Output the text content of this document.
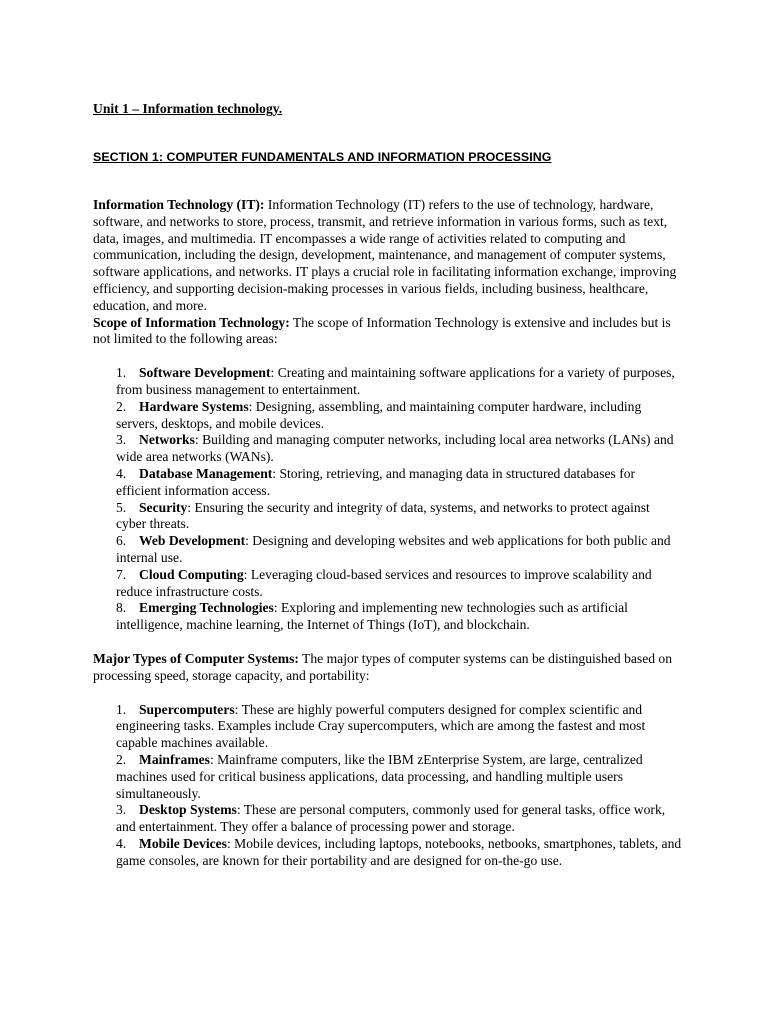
Unit 1 – Information technology.

SECTION 1: COMPUTER FUNDAMENTALS AND INFORMATION PROCESSING

Information Technology (IT): Information Technology (IT) refers to the use of technology, hardware, software, and networks to store, process, transmit, and retrieve information in various forms, such as text, data, images, and multimedia. IT encompasses a wide range of activities related to computing and communication, including the design, development, maintenance, and management of computer systems, software applications, and networks. IT plays a crucial role in facilitating information exchange, improving efficiency, and supporting decision-making processes in various fields, including business, healthcare, education, and more.

Scope of Information Technology: The scope of Information Technology is extensive and includes but is not limited to the following areas:

1. Software Development: Creating and maintaining software applications for a variety of purposes, from business management to entertainment.
2. Hardware Systems: Designing, assembling, and maintaining computer hardware, including servers, desktops, and mobile devices.
3. Networks: Building and managing computer networks, including local area networks (LANs) and wide area networks (WANs).
4. Database Management: Storing, retrieving, and managing data in structured databases for efficient information access.
5. Security: Ensuring the security and integrity of data, systems, and networks to protect against cyber threats.
6. Web Development: Designing and developing websites and web applications for both public and internal use.
7. Cloud Computing: Leveraging cloud-based services and resources to improve scalability and reduce infrastructure costs.
8. Emerging Technologies: Exploring and implementing new technologies such as artificial intelligence, machine learning, the Internet of Things (IoT), and blockchain.

Major Types of Computer Systems: The major types of computer systems can be distinguished based on processing speed, storage capacity, and portability:

1. Supercomputers: These are highly powerful computers designed for complex scientific and engineering tasks. Examples include Cray supercomputers, which are among the fastest and most capable machines available.
2. Mainframes: Mainframe computers, like the IBM zEnterprise System, are large, centralized machines used for critical business applications, data processing, and handling multiple users simultaneously.
3. Desktop Systems: These are personal computers, commonly used for general tasks, office work, and entertainment. They offer a balance of processing power and storage.
4. Mobile Devices: Mobile devices, including laptops, notebooks, netbooks, smartphones, tablets, and game consoles, are known for their portability and are designed for on-the-go use.
